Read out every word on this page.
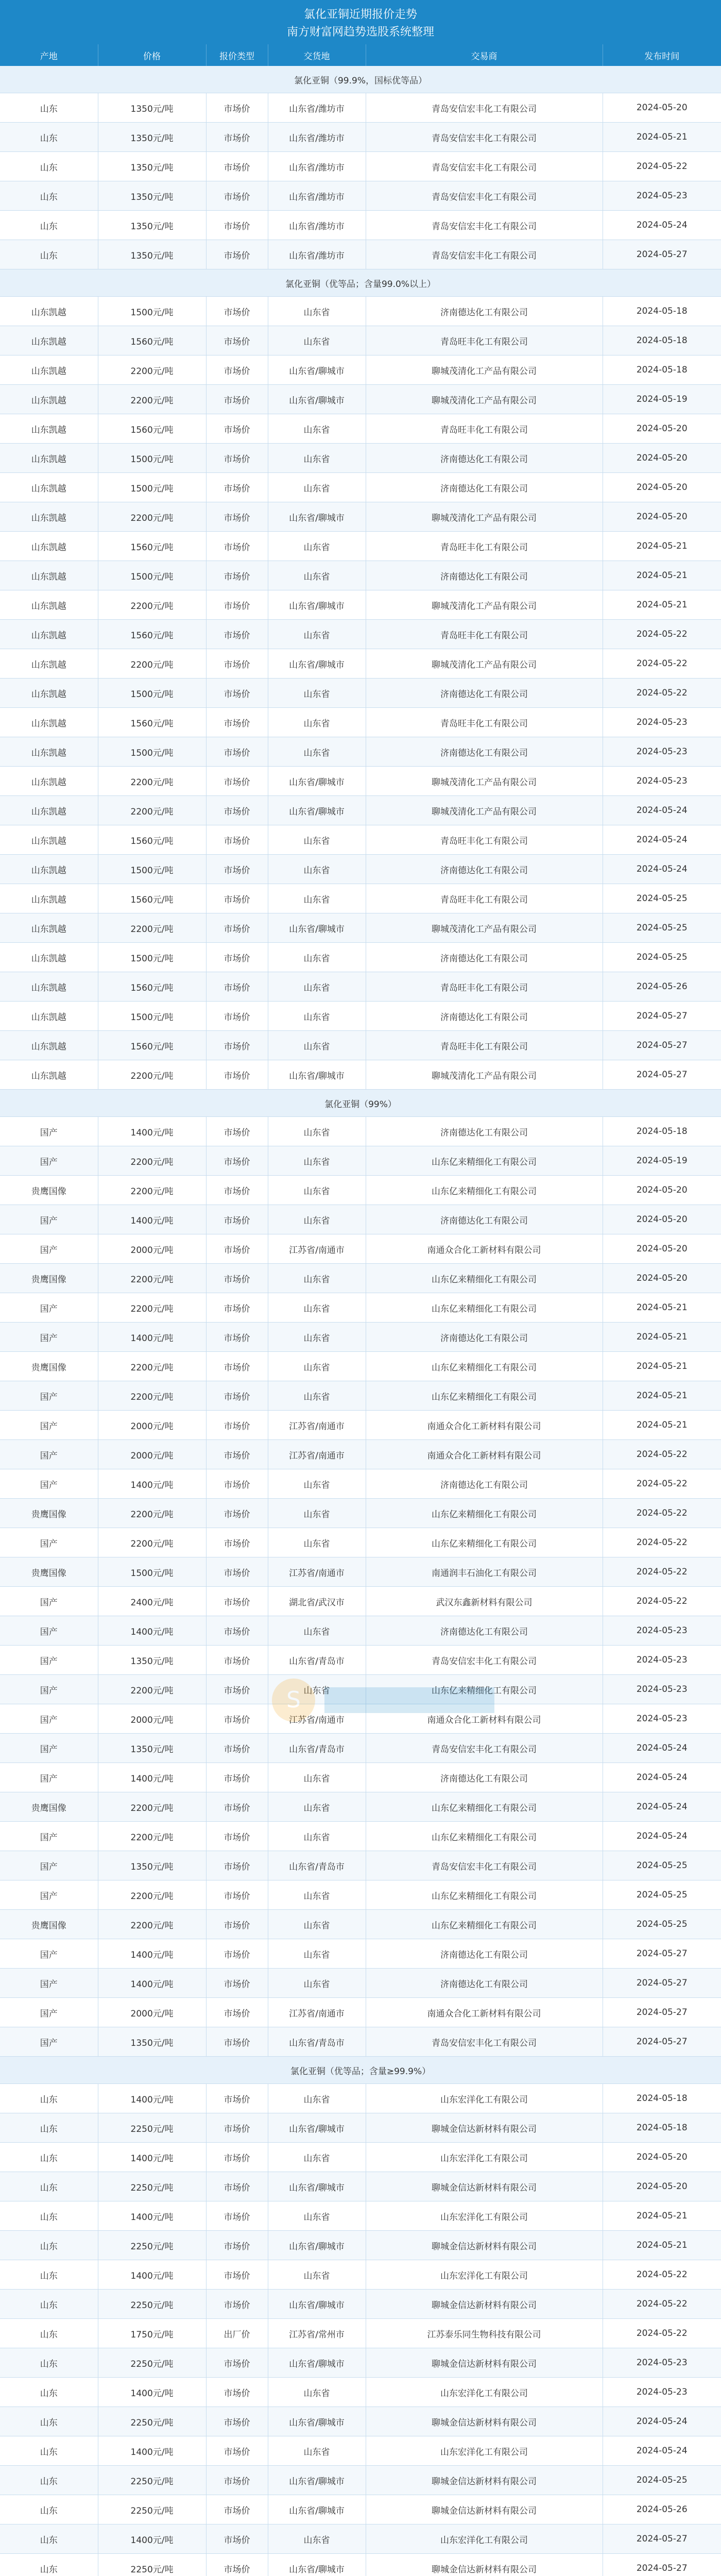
氯化亚铜近期报价走势
南方财富网趋势选股系统整理
产地	价格	报价类型	交货地	交易商	发布时间
氯化亚铜（99.9%，国标优等品）					
山东	1350元/吨	市场价	山东省/潍坊市	青岛安信宏丰化工有限公司	2024-05-20
山东	1350元/吨	市场价	山东省/潍坊市	青岛安信宏丰化工有限公司	2024-05-21
山东	1350元/吨	市场价	山东省/潍坊市	青岛安信宏丰化工有限公司	2024-05-22
山东	1350元/吨	市场价	山东省/潍坊市	青岛安信宏丰化工有限公司	2024-05-23
山东	1350元/吨	市场价	山东省/潍坊市	青岛安信宏丰化工有限公司	2024-05-24
山东	1350元/吨	市场价	山东省/潍坊市	青岛安信宏丰化工有限公司	2024-05-27
氯化亚铜（优等品；含量99.0%以上）					
山东凯越	1500元/吨	市场价	山东省	济南德达化工有限公司	2024-05-18
山东凯越	1560元/吨	市场价	山东省	青岛旺丰化工有限公司	2024-05-18
山东凯越	2200元/吨	市场价	山东省/聊城市	聊城茂清化工产品有限公司	2024-05-18
山东凯越	2200元/吨	市场价	山东省/聊城市	聊城茂清化工产品有限公司	2024-05-19
山东凯越	1560元/吨	市场价	山东省	青岛旺丰化工有限公司	2024-05-20
山东凯越	1500元/吨	市场价	山东省	济南德达化工有限公司	2024-05-20
山东凯越	1500元/吨	市场价	山东省	济南德达化工有限公司	2024-05-20
山东凯越	2200元/吨	市场价	山东省/聊城市	聊城茂清化工产品有限公司	2024-05-20
山东凯越	1560元/吨	市场价	山东省	青岛旺丰化工有限公司	2024-05-21
山东凯越	1500元/吨	市场价	山东省	济南德达化工有限公司	2024-05-21
山东凯越	2200元/吨	市场价	山东省/聊城市	聊城茂清化工产品有限公司	2024-05-21
山东凯越	1560元/吨	市场价	山东省	青岛旺丰化工有限公司	2024-05-22
山东凯越	2200元/吨	市场价	山东省/聊城市	聊城茂清化工产品有限公司	2024-05-22
山东凯越	1500元/吨	市场价	山东省	济南德达化工有限公司	2024-05-22
山东凯越	1560元/吨	市场价	山东省	青岛旺丰化工有限公司	2024-05-23
山东凯越	1500元/吨	市场价	山东省	济南德达化工有限公司	2024-05-23
山东凯越	2200元/吨	市场价	山东省/聊城市	聊城茂清化工产品有限公司	2024-05-23
山东凯越	2200元/吨	市场价	山东省/聊城市	聊城茂清化工产品有限公司	2024-05-24
山东凯越	1560元/吨	市场价	山东省	青岛旺丰化工有限公司	2024-05-24
山东凯越	1500元/吨	市场价	山东省	济南德达化工有限公司	2024-05-24
山东凯越	1560元/吨	市场价	山东省	青岛旺丰化工有限公司	2024-05-25
山东凯越	2200元/吨	市场价	山东省/聊城市	聊城茂清化工产品有限公司	2024-05-25
山东凯越	1500元/吨	市场价	山东省	济南德达化工有限公司	2024-05-25
山东凯越	1560元/吨	市场价	山东省	青岛旺丰化工有限公司	2024-05-26
山东凯越	1500元/吨	市场价	山东省	济南德达化工有限公司	2024-05-27
山东凯越	1560元/吨	市场价	山东省	青岛旺丰化工有限公司	2024-05-27
山东凯越	2200元/吨	市场价	山东省/聊城市	聊城茂清化工产品有限公司	2024-05-27
氯化亚铜（99%）					
国产	1400元/吨	市场价	山东省	济南德达化工有限公司	2024-05-18
国产	2200元/吨	市场价	山东省	山东亿来精细化工有限公司	2024-05-19
贵鹰国像	2200元/吨	市场价	山东省	山东亿来精细化工有限公司	2024-05-20
国产	1400元/吨	市场价	山东省	济南德达化工有限公司	2024-05-20
国产	2000元/吨	市场价	江苏省/南通市	南通众合化工新材料有限公司	2024-05-20
贵鹰国像	2200元/吨	市场价	山东省	山东亿来精细化工有限公司	2024-05-20
国产	2200元/吨	市场价	山东省	山东亿来精细化工有限公司	2024-05-21
国产	1400元/吨	市场价	山东省	济南德达化工有限公司	2024-05-21
贵鹰国像	2200元/吨	市场价	山东省	山东亿来精细化工有限公司	2024-05-21
国产	2200元/吨	市场价	山东省	山东亿来精细化工有限公司	2024-05-21
国产	2000元/吨	市场价	江苏省/南通市	南通众合化工新材料有限公司	2024-05-21
国产	2000元/吨	市场价	江苏省/南通市	南通众合化工新材料有限公司	2024-05-22
国产	1400元/吨	市场价	山东省	济南德达化工有限公司	2024-05-22
贵鹰国像	2200元/吨	市场价	山东省	山东亿来精细化工有限公司	2024-05-22
国产	2200元/吨	市场价	山东省	山东亿来精细化工有限公司	2024-05-22
贵鹰国像	1500元/吨	市场价	江苏省/南通市	南通润丰石油化工有限公司	2024-05-22
国产	2400元/吨	市场价	湖北省/武汉市	武汉东鑫新材料有限公司	2024-05-22
国产	1400元/吨	市场价	山东省	济南德达化工有限公司	2024-05-23
国产	1350元/吨	市场价	山东省/青岛市	青岛安信宏丰化工有限公司	2024-05-23
国产	2200元/吨	市场价	山东省	山东亿来精细化工有限公司	2024-05-23
国产	2000元/吨	市场价	江苏省/南通市	南通众合化工新材料有限公司	2024-05-23
国产	1350元/吨	市场价	山东省/青岛市	青岛安信宏丰化工有限公司	2024-05-24
国产	1400元/吨	市场价	山东省	济南德达化工有限公司	2024-05-24
贵鹰国像	2200元/吨	市场价	山东省	山东亿来精细化工有限公司	2024-05-24
国产	2200元/吨	市场价	山东省	山东亿来精细化工有限公司	2024-05-24
国产	1350元/吨	市场价	山东省/青岛市	青岛安信宏丰化工有限公司	2024-05-25
国产	2200元/吨	市场价	山东省	山东亿来精细化工有限公司	2024-05-25
贵鹰国像	2200元/吨	市场价	山东省	山东亿来精细化工有限公司	2024-05-25
国产	1400元/吨	市场价	山东省	济南德达化工有限公司	2024-05-27
国产	1400元/吨	市场价	山东省	济南德达化工有限公司	2024-05-27
国产	2000元/吨	市场价	江苏省/南通市	南通众合化工新材料有限公司	2024-05-27
国产	1350元/吨	市场价	山东省/青岛市	青岛安信宏丰化工有限公司	2024-05-27
氯化亚铜（优等品；含量≥99.9%）					
山东	1400元/吨	市场价	山东省	山东宏洋化工有限公司	2024-05-18
山东	2250元/吨	市场价	山东省/聊城市	聊城金信达新材料有限公司	2024-05-18
山东	1400元/吨	市场价	山东省	山东宏洋化工有限公司	2024-05-20
山东	2250元/吨	市场价	山东省/聊城市	聊城金信达新材料有限公司	2024-05-20
山东	1400元/吨	市场价	山东省	山东宏洋化工有限公司	2024-05-21
山东	2250元/吨	市场价	山东省/聊城市	聊城金信达新材料有限公司	2024-05-21
山东	1400元/吨	市场价	山东省	山东宏洋化工有限公司	2024-05-22
山东	2250元/吨	市场价	山东省/聊城市	聊城金信达新材料有限公司	2024-05-22
山东	1750元/吨	出厂价	江苏省/常州市	江苏泰乐同生物科技有限公司	2024-05-22
山东	2250元/吨	市场价	山东省/聊城市	聊城金信达新材料有限公司	2024-05-23
山东	1400元/吨	市场价	山东省	山东宏洋化工有限公司	2024-05-23
山东	2250元/吨	市场价	山东省/聊城市	聊城金信达新材料有限公司	2024-05-24
山东	1400元/吨	市场价	山东省	山东宏洋化工有限公司	2024-05-24
山东	2250元/吨	市场价	山东省/聊城市	聊城金信达新材料有限公司	2024-05-25
山东	2250元/吨	市场价	山东省/聊城市	聊城金信达新材料有限公司	2024-05-26
山东	1400元/吨	市场价	山东省	山东宏洋化工有限公司	2024-05-27
山东	2250元/吨	市场价	山东省/聊城市	聊城金信达新材料有限公司	2024-05-27
